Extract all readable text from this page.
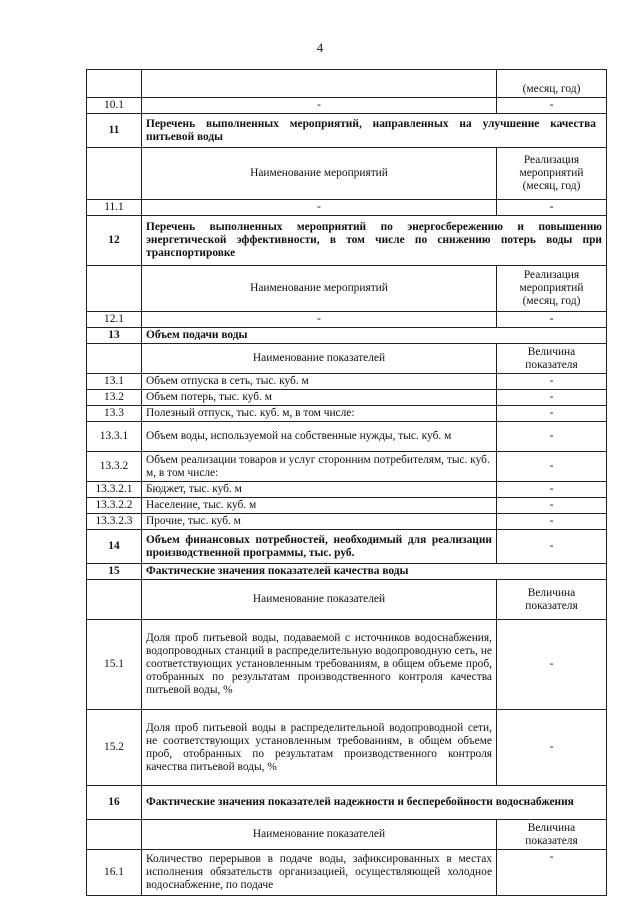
4
		(месяц, год)
10.1	-	-
11	Перечень выполненных мероприятий, направленных на улучшение качества питьевой воды	
	Наименование мероприятий	Реализация мероприятий (месяц, год)
11.1	-	-
12	Перечень выполненных мероприятий по энергосбережению и повышению энергетической эффективности, в том числе по снижению потерь воды при транспортировке	
	Наименование мероприятий	Реализация мероприятий (месяц, год)
12.1	-	-
13	Объем подачи воды	
	Наименование показателей	Величина показателя
13.1	Объем отпуска в сеть, тыс. куб. м	-
13.2	Объем потерь, тыс. куб. м	-
13.3	Полезный отпуск, тыс. куб. м, в том числе:	-
13.3.1	Объем воды, используемой на собственные нужды, тыс. куб. м	-
13.3.2	Объем реализации товаров и услуг сторонним потребителям, тыс. куб. м, в том числе:	-
13.3.2.1	Бюджет, тыс. куб. м	-
13.3.2.2	Население, тыс. куб. м	-
13.3.2.3	Прочие, тыс. куб. м	-
14	Объем финансовых потребностей, необходимый для реализации производственной программы, тыс. руб.	-
15	Фактические значения показателей качества воды	
	Наименование показателей	Величина показателя
15.1	Доля проб питьевой воды, подаваемой с источников водоснабжения, водопроводных станций в распределительную водопроводную сеть, не соответствующих установленным требованиям, в общем объеме проб, отобранных по результатам производственного контроля качества питьевой воды, %	-
15.2	Доля проб питьевой воды в распределительной водопроводной сети, не соответствующих установленным требованиям, в общем объеме проб, отобранных по результатам производственного контроля качества питьевой воды, %	-
16	Фактические значения показателей надежности и бесперебойности водоснабжения	
	Наименование показателей	Величина показателя
16.1	Количество перерывов в подаче воды, зафиксированных в местах исполнения обязательств организацией, осуществляющей холодное водоснабжение, по подаче	-
